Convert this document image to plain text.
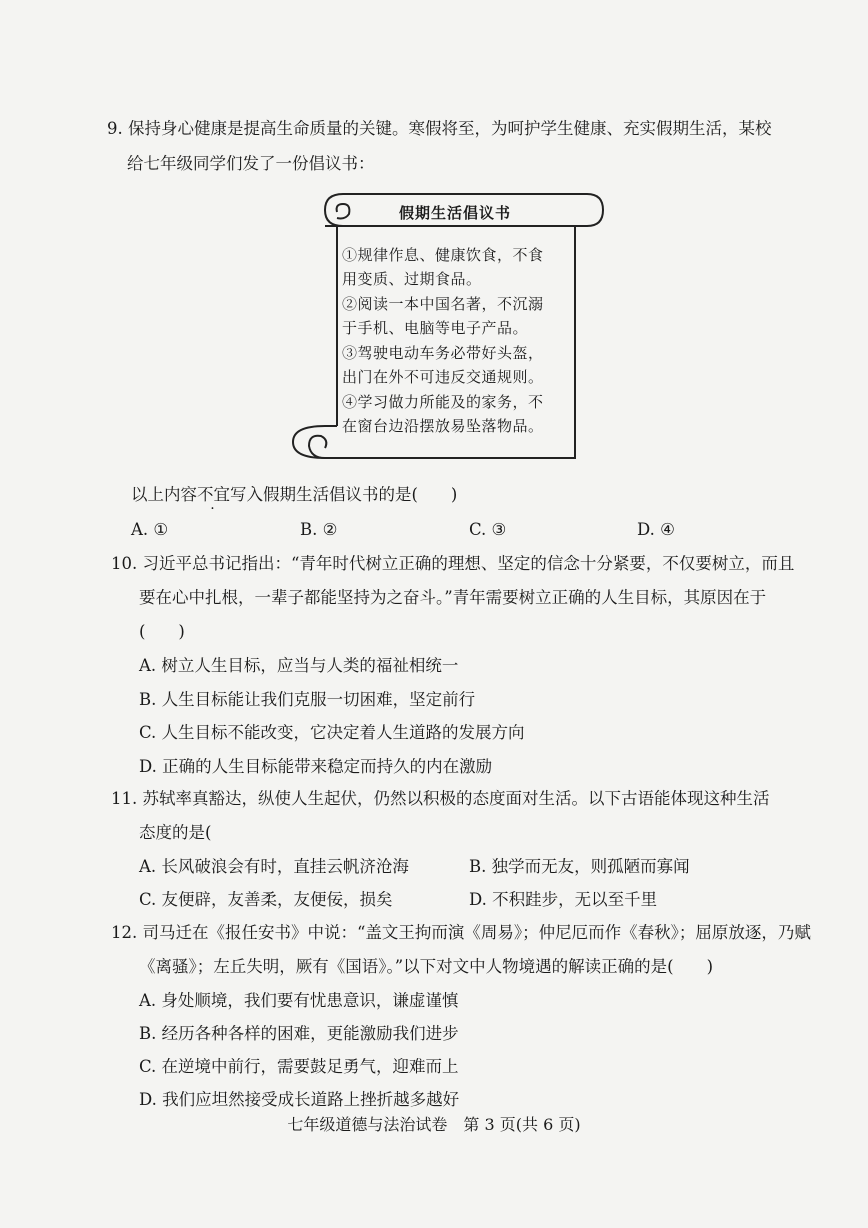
9. 保持身心健康是提高生命质量的关键。寒假将至，为呵护学生健康、充实假期生活，某校
给七年级同学们发了一份倡议书：
假期生活倡议书
①规律作息、健康饮食，不食
用变质、过期食品。
②阅读一本中国名著，不沉溺
于手机、电脑等电子产品。
③驾驶电动车务必带好头盔，
出门在外不可违反交通规则。
④学习做力所能及的家务，不
在窗台边沿摆放易坠落物品。
以上内容不宜写入假期生活倡议书的是(　　)
A. ①	B. ②	C. ③	D. ④
10. 习近平总书记指出：“青年时代树立正确的理想、坚定的信念十分紧要，不仅要树立，而且
要在心中扎根，一辈子都能坚持为之奋斗。”青年需要树立正确的人生目标，其原因在于
(　　)
A. 树立人生目标，应当与人类的福祉相统一
B. 人生目标能让我们克服一切困难，坚定前行
C. 人生目标不能改变，它决定着人生道路的发展方向
D. 正确的人生目标能带来稳定而持久的内在激励
11. 苏轼率真豁达，纵使人生起伏，仍然以积极的态度面对生活。以下古语能体现这种生活
态度的是(
A. 长风破浪会有时，直挂云帆济沧海	B. 独学而无友，则孤陋而寡闻
C. 友便辟，友善柔，友便佞，损矣	D. 不积跬步，无以至千里
12. 司马迁在《报任安书》中说：“盖文王拘而演《周易》；仲尼厄而作《春秋》；屈原放逐，乃赋
《离骚》；左丘失明，厥有《国语》。”以下对文中人物境遇的解读正确的是(　　)
A. 身处顺境，我们要有忧患意识，谦虚谨慎
B. 经历各种各样的困难，更能激励我们进步
C. 在逆境中前行，需要鼓足勇气，迎难而上
D. 我们应坦然接受成长道路上挫折越多越好
七年级道德与法治试卷　第 3 页(共 6 页)
